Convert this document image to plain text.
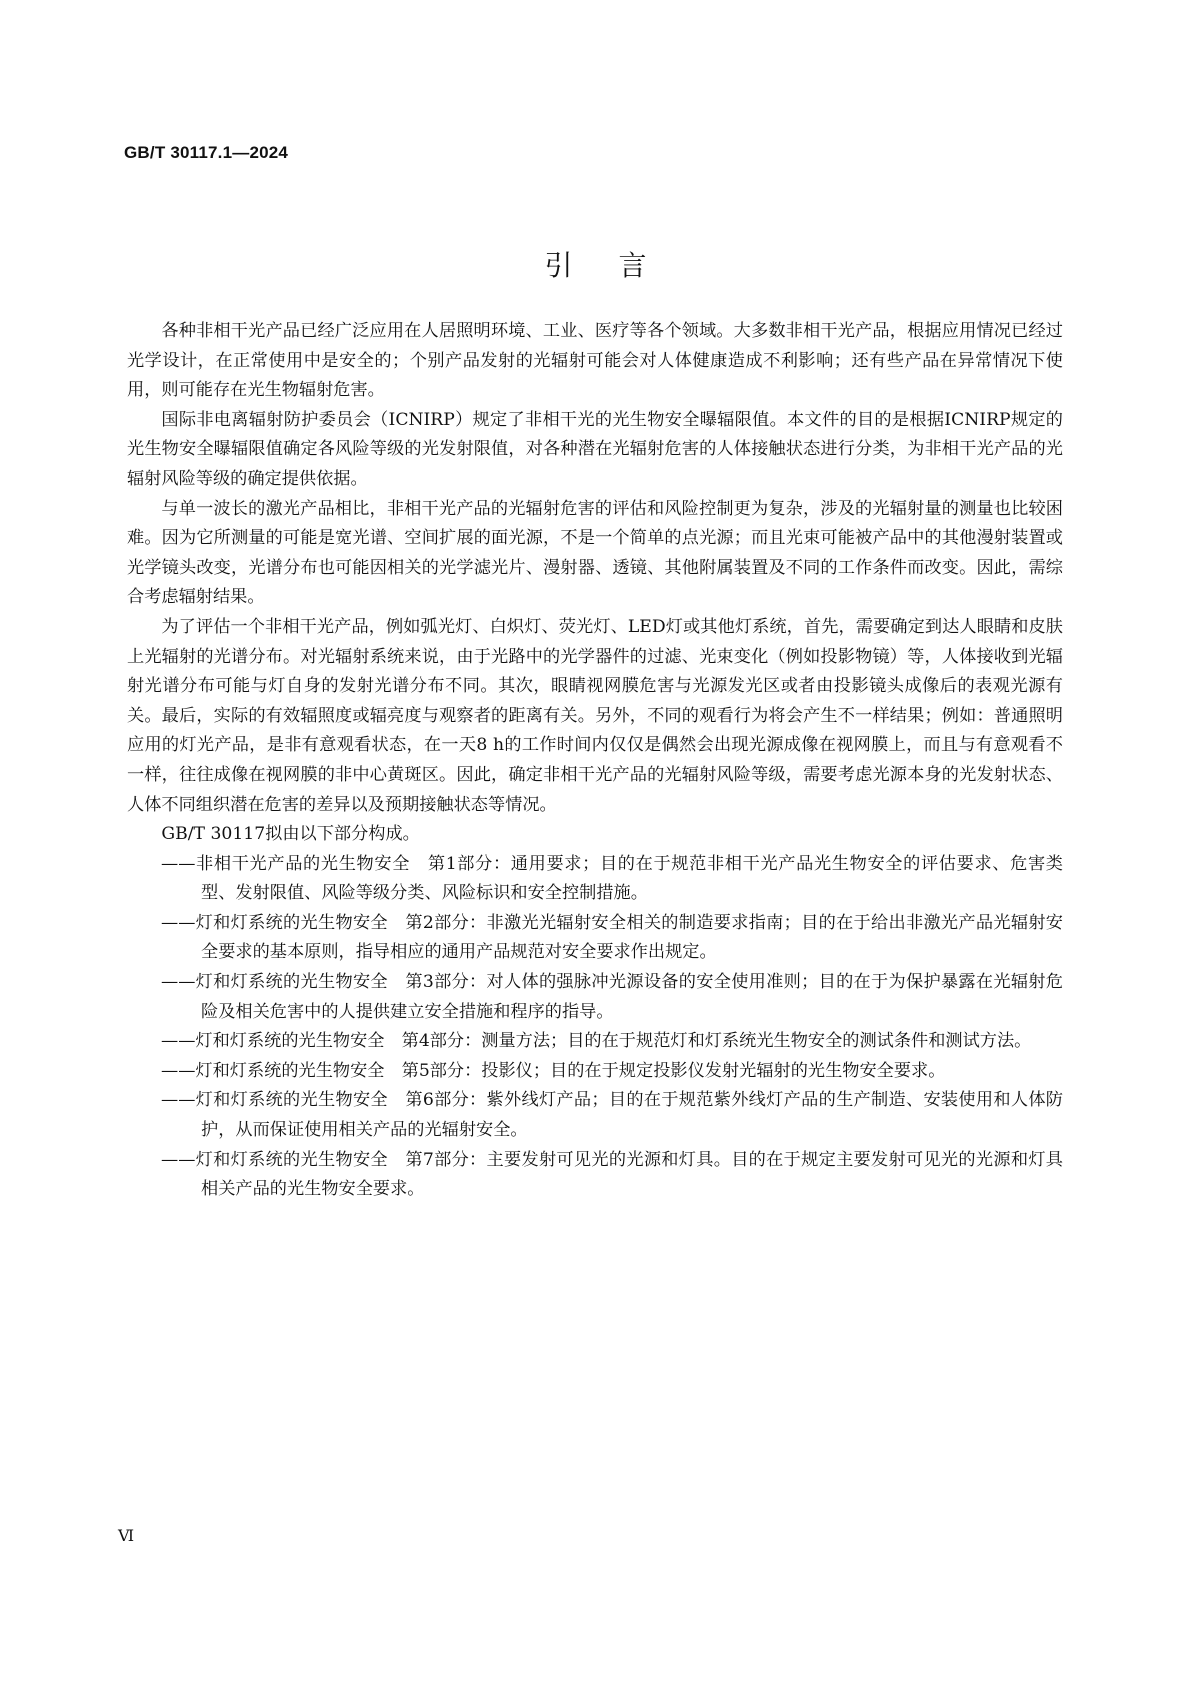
GB/T 30117.1—2024
引言

各种非相干光产品已经广泛应用在人居照明环境、工业、医疗等各个领域。大多数非相干光产品，根据应用情况已经过光学设计，在正常使用中是安全的；个别产品发射的光辐射可能会对人体健康造成不利影响；还有些产品在异常情况下使用，则可能存在光生物辐射危害。

国际非电离辐射防护委员会（ICNIRP）规定了非相干光的光生物安全曝辐限值。本文件的目的是根据ICNIRP规定的光生物安全曝辐限值确定各风险等级的光发射限值，对各种潜在光辐射危害的人体接触状态进行分类，为非相干光产品的光辐射风险等级的确定提供依据。

与单一波长的激光产品相比，非相干光产品的光辐射危害的评估和风险控制更为复杂，涉及的光辐射量的测量也比较困难。因为它所测量的可能是宽光谱、空间扩展的面光源，不是一个简单的点光源；而且光束可能被产品中的其他漫射装置或光学镜头改变，光谱分布也可能因相关的光学滤光片、漫射器、透镜、其他附属装置及不同的工作条件而改变。因此，需综合考虑辐射结果。

为了评估一个非相干光产品，例如弧光灯、白炽灯、荧光灯、LED灯或其他灯系统，首先，需要确定到达人眼睛和皮肤上光辐射的光谱分布。对光辐射系统来说，由于光路中的光学器件的过滤、光束变化（例如投影物镜）等，人体接收到光辐射光谱分布可能与灯自身的发射光谱分布不同。其次，眼睛视网膜危害与光源发光区或者由投影镜头成像后的表观光源有关。最后，实际的有效辐照度或辐亮度与观察者的距离有关。另外，不同的观看行为将会产生不一样结果；例如：普通照明应用的灯光产品，是非有意观看状态，在一天8 h的工作时间内仅仅是偶然会出现光源成像在视网膜上，而且与有意观看不一样，往往成像在视网膜的非中心黄斑区。因此，确定非相干光产品的光辐射风险等级，需要考虑光源本身的光发射状态、人体不同组织潜在危害的差异以及预期接触状态等情况。

GB/T 30117拟由以下部分构成。

——非相干光产品的光生物安全　第1部分：通用要求；目的在于规范非相干光产品光生物安全的评估要求、危害类型、发射限值、风险等级分类、风险标识和安全控制措施。
——灯和灯系统的光生物安全　第2部分：非激光光辐射安全相关的制造要求指南；目的在于给出非激光产品光辐射安全要求的基本原则，指导相应的通用产品规范对安全要求作出规定。
——灯和灯系统的光生物安全　第3部分：对人体的强脉冲光源设备的安全使用准则；目的在于为保护暴露在光辐射危险及相关危害中的人提供建立安全措施和程序的指导。
——灯和灯系统的光生物安全　第4部分：测量方法；目的在于规范灯和灯系统光生物安全的测试条件和测试方法。
——灯和灯系统的光生物安全　第5部分：投影仪；目的在于规定投影仪发射光辐射的光生物安全要求。
——灯和灯系统的光生物安全　第6部分：紫外线灯产品；目的在于规范紫外线灯产品的生产制造、安装使用和人体防护，从而保证使用相关产品的光辐射安全。
——灯和灯系统的光生物安全　第7部分：主要发射可见光的光源和灯具。目的在于规定主要发射可见光的光源和灯具相关产品的光生物安全要求。
Ⅵ
